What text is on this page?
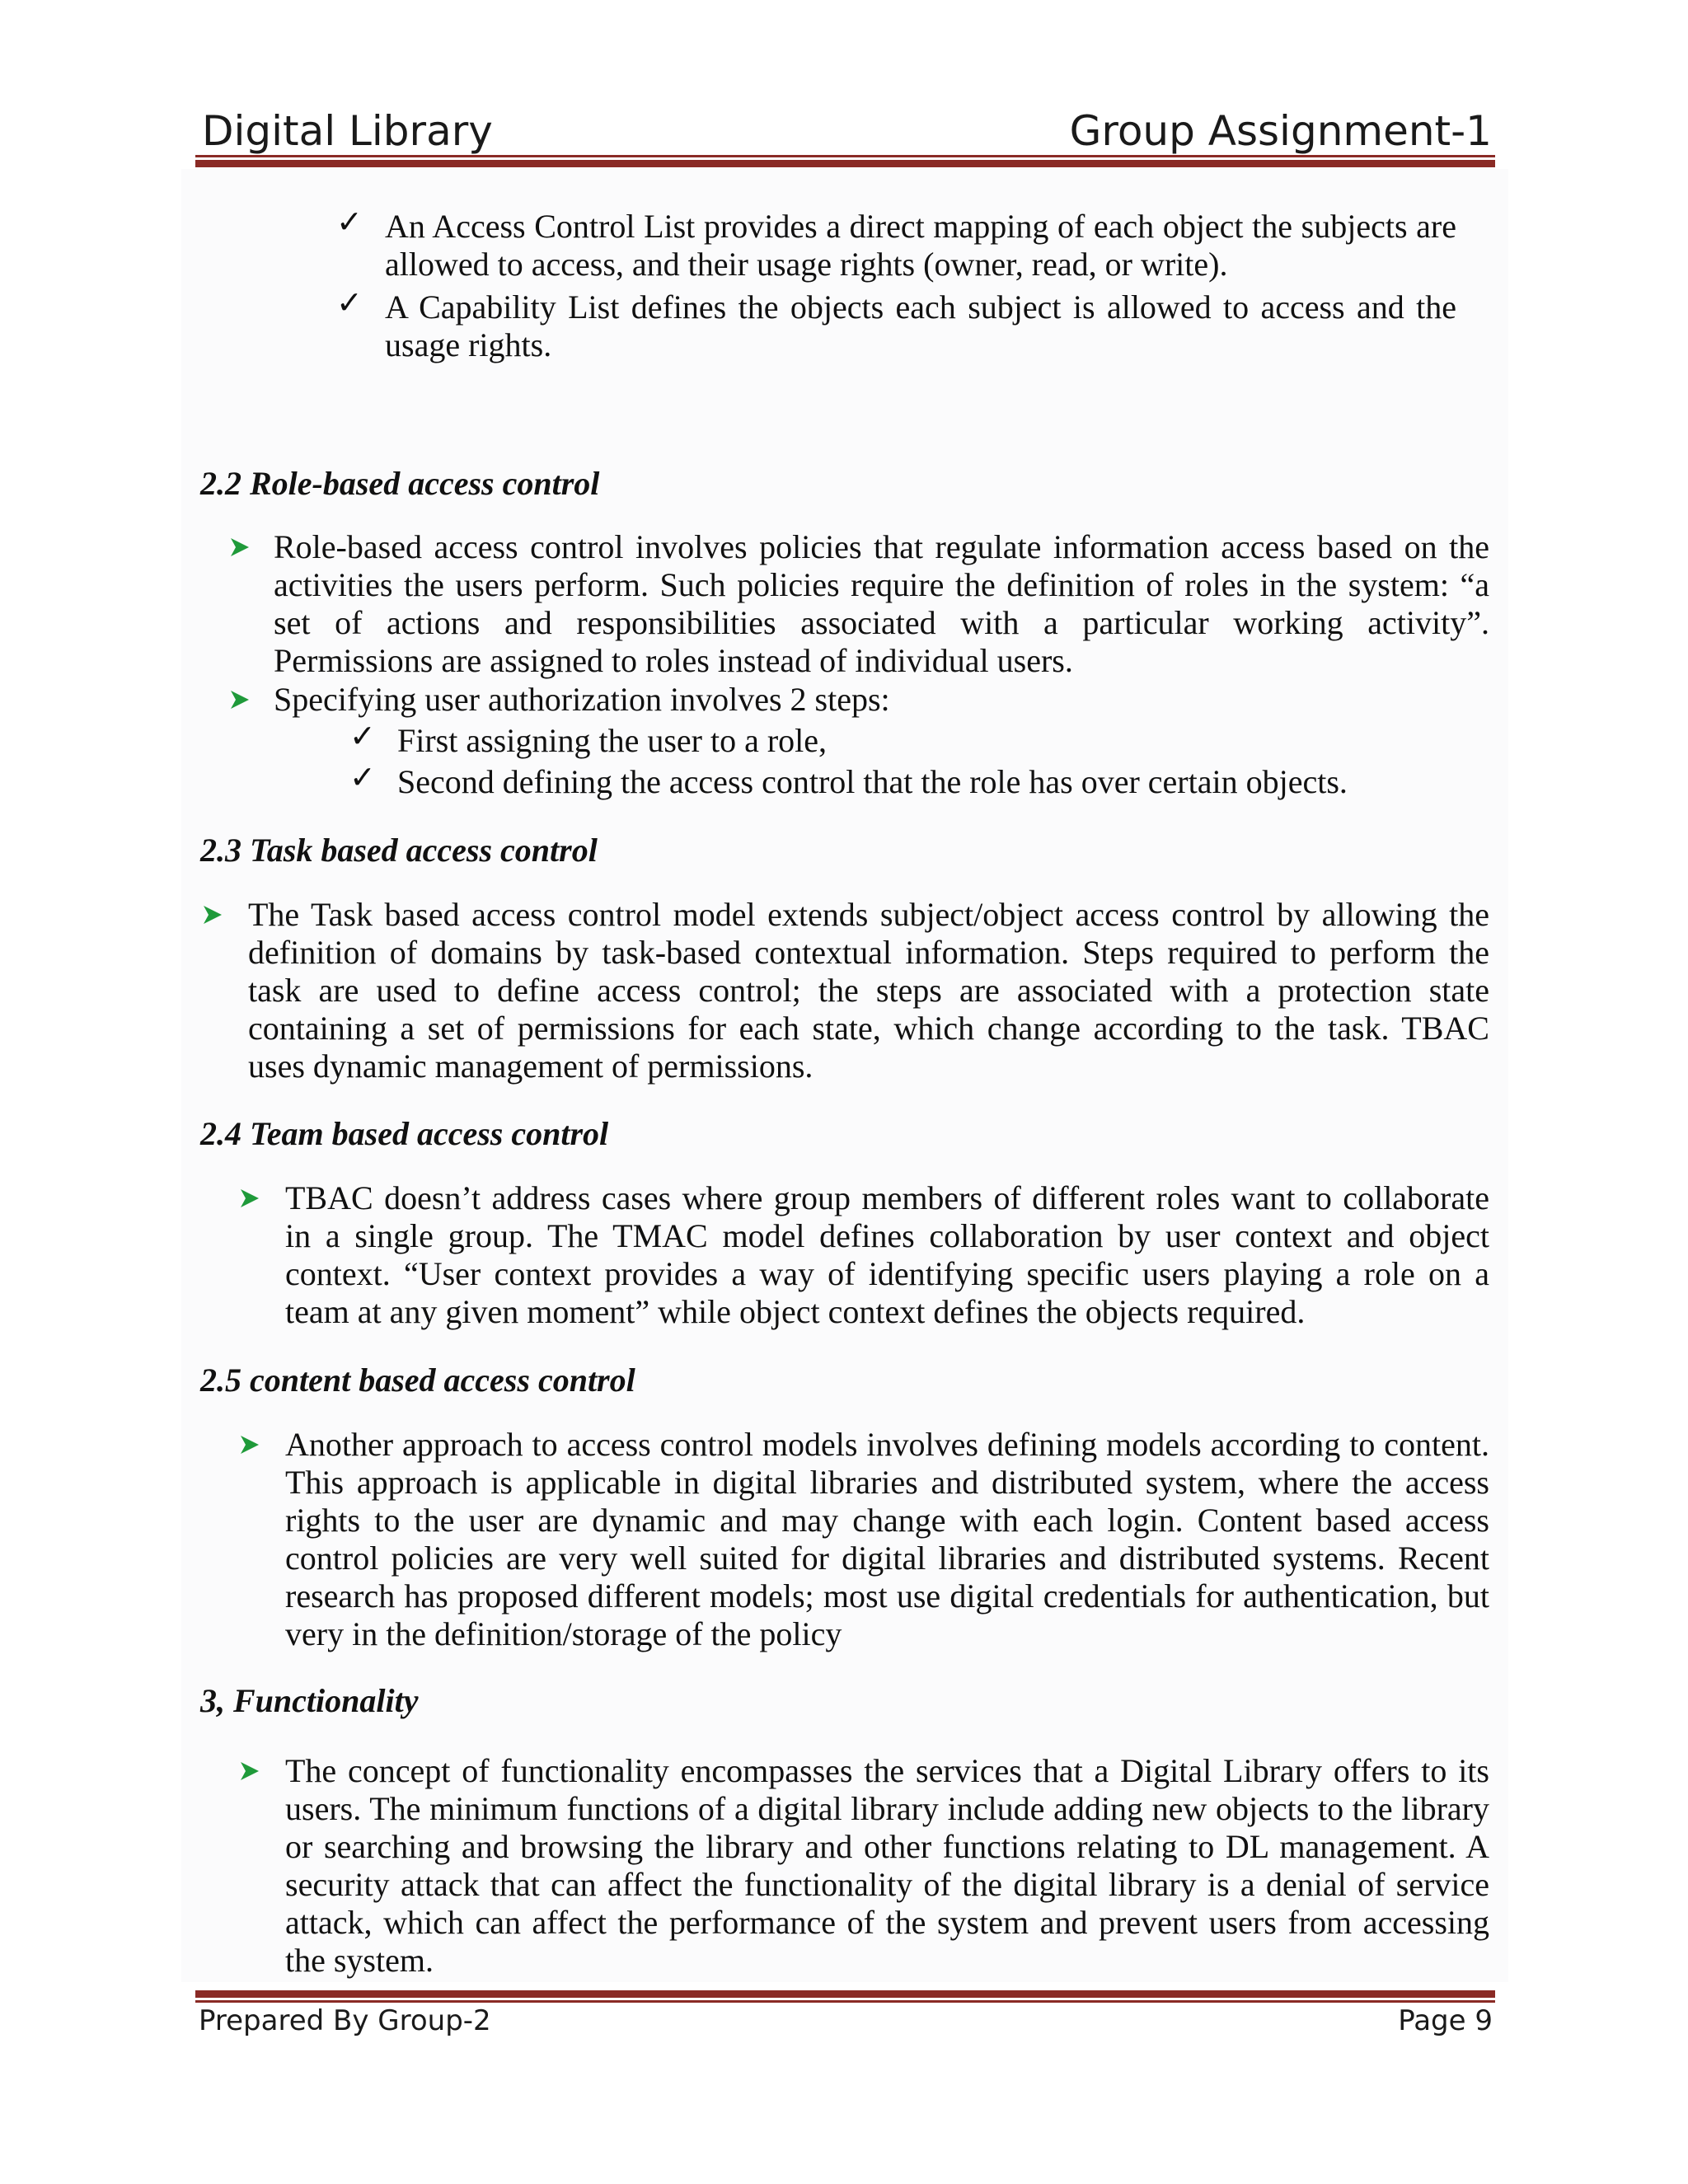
Digital Library	Group Assignment-1
✓ An Access Control List provides a direct mapping of each object the subjects are allowed to access, and their usage rights (owner, read, or write).
✓ A Capability List defines the objects each subject is allowed to access and the usage rights.
2.2 Role-based access control
Role-based access control involves policies that regulate information access based on the activities the users perform. Such policies require the definition of roles in the system: “a set of actions and responsibilities associated with a particular working activity”. Permissions are assigned to roles instead of individual users.
Specifying user authorization involves 2 steps:
✓ First assigning the user to a role,
✓ Second defining the access control that the role has over certain objects.
2.3 Task based access control
The Task based access control model extends subject/object access control by allowing the definition of domains by task-based contextual information. Steps required to perform the task are used to define access control; the steps are associated with a protection state containing a set of permissions for each state, which change according to the task. TBAC uses dynamic management of permissions.
2.4 Team based access control
TBAC doesn’t address cases where group members of different roles want to collaborate in a single group. The TMAC model defines collaboration by user context and object context. “User context provides a way of identifying specific users playing a role on a team at any given moment” while object context defines the objects required.
2.5 content based access control
Another approach to access control models involves defining models according to content. This approach is applicable in digital libraries and distributed system, where the access rights to the user are dynamic and may change with each login. Content based access control policies are very well suited for digital libraries and distributed systems. Recent research has proposed different models; most use digital credentials for authentication, but very in the definition/storage of the policy
3, Functionality
The concept of functionality encompasses the services that a Digital Library offers to its users. The minimum functions of a digital library include adding new objects to the library or searching and browsing the library and other functions relating to DL management. A security attack that can affect the functionality of the digital library is a denial of service attack, which can affect the performance of the system and prevent users from accessing the system.
Prepared By Group-2	Page 9
